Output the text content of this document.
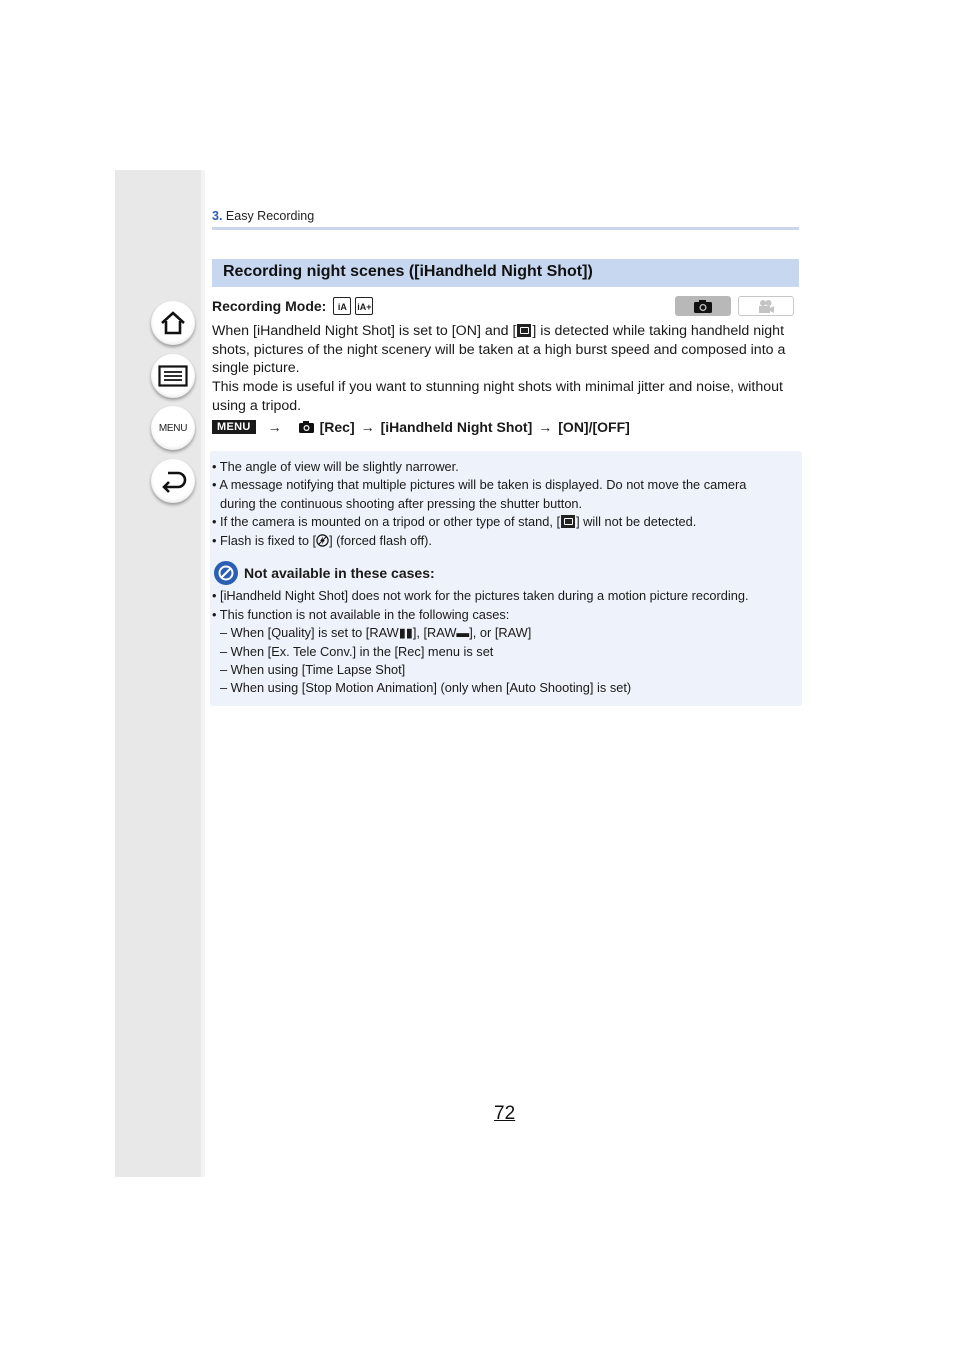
MENU
3. Easy Recording
Recording night scenes ([iHandheld Night Shot])
Recording Mode:	iA	iA+
When [iHandheld Night Shot] is set to [ON] and [ ] is detected while taking handheld night shots, pictures of the night scenery will be taken at a high burst speed and composed into a single picture.
This mode is useful if you want to stunning night shots with minimal jitter and noise, without using a tripod.
MENU	→	[Rec] → [iHandheld Night Shot] → [ON]/[OFF]
• The angle of view will be slightly narrower.
• A message notifying that multiple pictures will be taken is displayed. Do not move the camera
during the continuous shooting after pressing the shutter button.
• If the camera is mounted on a tripod or other type of stand, [ ] will not be detected.
• Flash is fixed to [ ] (forced flash off).
Not available in these cases:
• [iHandheld Night Shot] does not work for the pictures taken during a motion picture recording.
• This function is not available in the following cases:
– When [Quality] is set to [RAW▮▮], [RAW▬], or [RAW]
– When [Ex. Tele Conv.] in the [Rec] menu is set
– When using [Time Lapse Shot]
– When using [Stop Motion Animation] (only when [Auto Shooting] is set)
72
